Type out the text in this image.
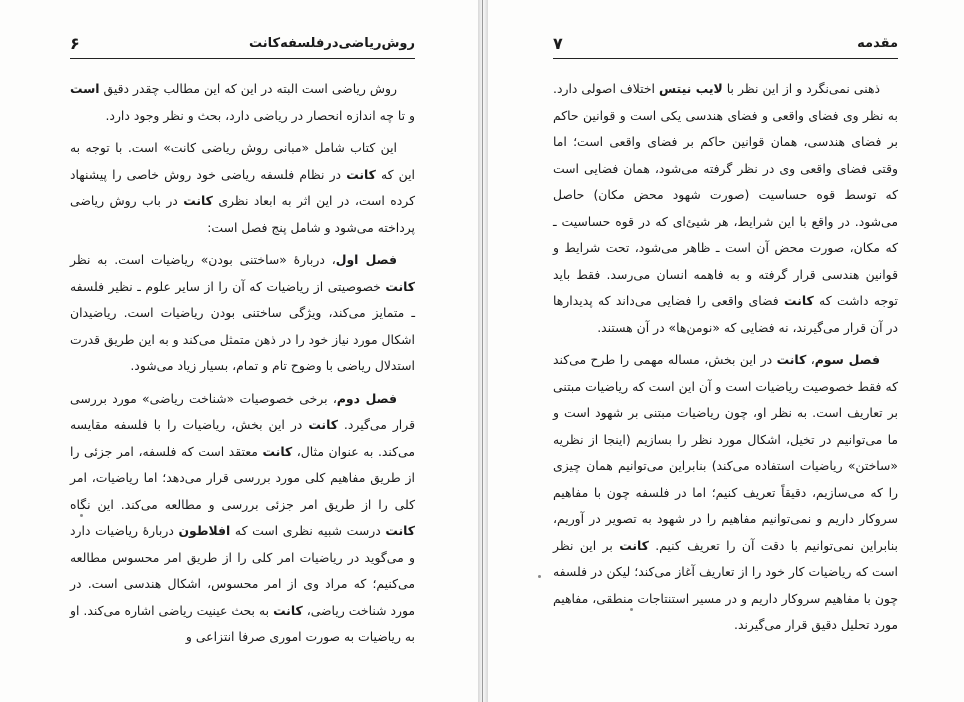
روش‌ریاضی‌در‌فلسفه‌کانت
۶

روش ریاضی است البته در این که این مطالب چقدر دقیق است و تا چه اندازه انحصار در ریاضی دارد، بحث و نظر وجود دارد.

این کتاب شامل «مبانی روش ریاضی کانت» است. با توجه به این که کانت در نظام فلسفه ریاضی خود روش خاصی را پیشنهاد کرده است، در این اثر به ابعاد نظری کانت در باب روش ریاضی پرداخته می‌شود و شامل پنج فصل است:

فصل اول، دربارهٔ «ساختنی بودن» ریاضیات است. به نظر کانت خصوصیتی از ریاضیات که آن را از سایر علوم ـ نظیر فلسفه ـ متمایز می‌کند، ویژگی ساختنی بودن ریاضیات است. ریاضیدان اشکال مورد نیاز خود را در ذهن متمثل می‌کند و به این طریق قدرت استدلال ریاضی با وضوح تام و تمام، بسیار زیاد می‌شود.

فصل دوم، برخی خصوصیات «شناخت ریاضی» مورد بررسی قرار می‌گیرد. کانت در این بخش، ریاضیات را با فلسفه مقایسه می‌کند. به عنوان مثال، کانت معتقد است که فلسفه، امر جزئی را از طریق مفاهیم کلی مورد بررسی قرار می‌دهد؛ اما ریاضیات، امر کلی را از طریق امر جزئی بررسی و مطالعه می‌کند. این نگاه کانت درست شبیه نظری است که افلاطون دربارهٔ ریاضیات دارد و می‌گوید در ریاضیات امر کلی را از طریق امر محسوس مطالعه می‌کنیم؛ که مراد وی از امر محسوس، اشکال هندسی است. در مورد شناخت ریاضی، کانت به بحث عینیت ریاضی اشاره می‌کند. او به ریاضیات به صورت اموری صرفا انتزاعی و

مقدمه
۷

ذهنی نمی‌نگرد و از این نظر با لایب نیتس اختلاف اصولی دارد. به نظر وی فضای واقعی و فضای هندسی یکی است و قوانین حاکم بر فضای هندسی، همان قوانین حاکم بر فضای واقعی است؛ اما وقتی فضای واقعی وی در نظر گرفته می‌شود، همان فضایی است که توسط قوه حساسیت (صورت شهود محض مکان) حاصل می‌شود. در واقع با این شرایط، هر شیئ‌ای که در قوه حساسیت ـ که مکان، صورت محض آن است ـ ظاهر می‌شود، تحت شرایط و قوانین هندسی قرار گرفته و به فاهمه انسان می‌رسد. فقط باید توجه داشت که کانت فضای واقعی را فضایی می‌داند که پدیدارها در آن قرار می‌گیرند، نه فضایی که «نومن‌ها» در آن هستند.

فصل سوم، کانت در این بخش، مساله مهمی را طرح می‌کند که فقط خصوصیت ریاضیات است و آن این است که ریاضیات مبتنی بر تعاریف است. به نظر او، چون ریاضیات مبتنی بر شهود است و ما می‌توانیم در تخیل، اشکال مورد نظر را بسازیم (اینجا از نظریه «ساختن» ریاضیات استفاده می‌کند) بنابراین می‌توانیم همان چیزی را که می‌سازیم، دقیقاً تعریف کنیم؛ اما در فلسفه چون با مفاهیم سروکار داریم و نمی‌توانیم مفاهیم را در شهود به تصویر در آوریم، بنابراین نمی‌توانیم با دقت آن را تعریف کنیم. کانت بر این نظر است که ریاضیات کار خود را از تعاریف آغاز می‌کند؛ لیکن در فلسفه چون با مفاهیم سروکار داریم و در مسیر استنتاجات منطقی، مفاهیم مورد تحلیل دقیق قرار می‌گیرند.
